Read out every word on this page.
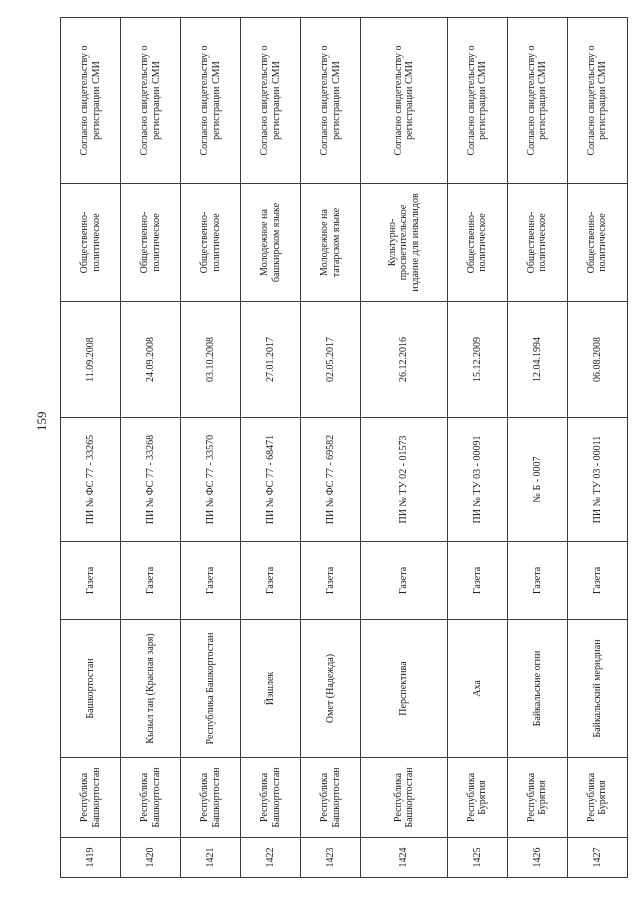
159
1419	Республика Башкортостан	Башкортостан	Газета	ПИ № ФС 77 - 33265	11.09.2008	Общественно-политическое	Согласно свидетельству о регистрации СМИ
1420	Республика Башкортостан	Кызыл таң (Красная заря)	Газета	ПИ № ФС 77 - 33268	24.09.2008	Общественно-политическое	Согласно свидетельству о регистрации СМИ
1421	Республика Башкортостан	Республика Башкортостан	Газета	ПИ № ФС 77 - 33570	03.10.2008	Общественно-политическое	Согласно свидетельству о регистрации СМИ
1422	Республика Башкортостан	Йэшлек	Газета	ПИ № ФС 77 - 68471	27.01.2017	Молодежное на башкирском языке	Согласно свидетельству о регистрации СМИ
1423	Республика Башкортостан	Омет (Надежда)	Газета	ПИ № ФС 77 - 69582	02.05.2017	Молодежное на татарском языке	Согласно свидетельству о регистрации СМИ
1424	Республика Башкортостан	Перспектива	Газета	ПИ № ТУ 02 - 01573	26.12.2016	Культурно-просветительское издание для инвалидов	Согласно свидетельству о регистрации СМИ
1425	Республика Бурятия	Аха	Газета	ПИ № ТУ 03 - 00091	15.12.2009	Общественно-политическое	Согласно свидетельству о регистрации СМИ
1426	Республика Бурятия	Байкальские огни	Газета	№ Б - 0007	12.04.1994	Общественно-политическое	Согласно свидетельству о регистрации СМИ
1427	Республика Бурятия	Байкальский меридиан	Газета	ПИ № ТУ 03 - 00011	06.08.2008	Общественно-политическое	Согласно свидетельству о регистрации СМИ
